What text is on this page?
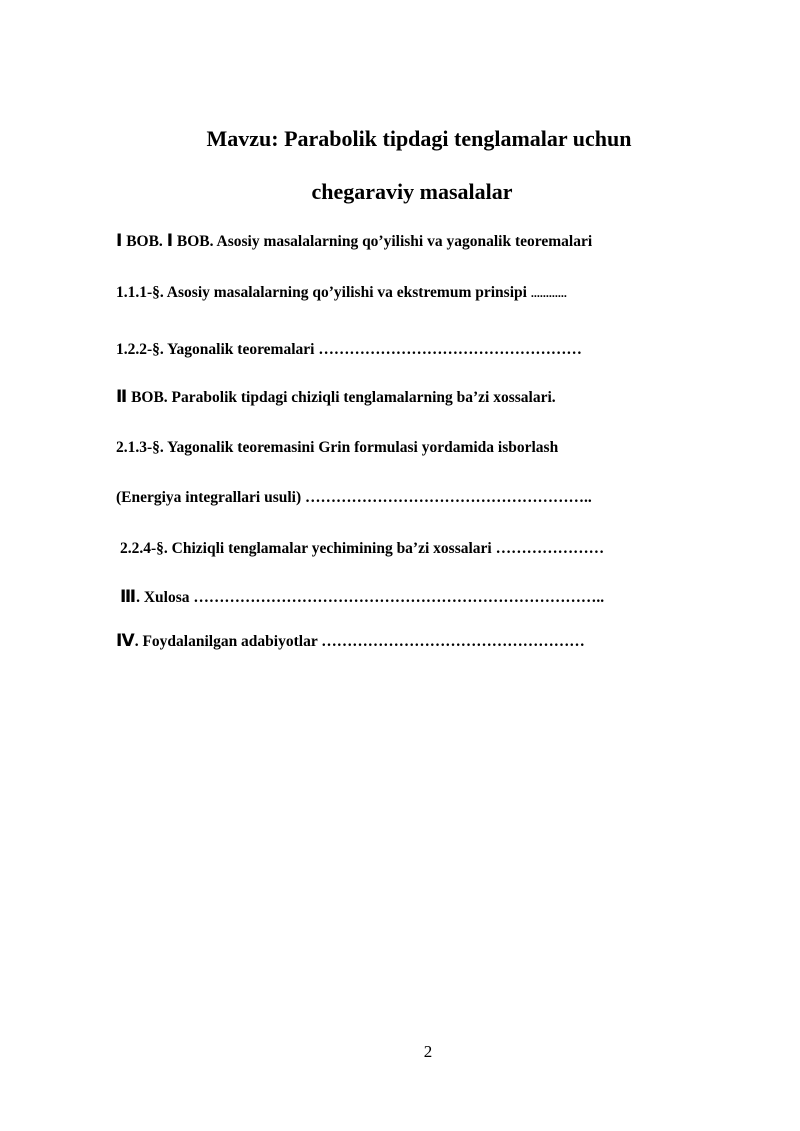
Mavzu: Parabolik tipdagi tenglamalar uchun
chegaraviy masalalar
Ⅰ BOB. Ⅰ BOB. Asosiy masalalarning qo’yilishi va yagonalik teoremalari
1.1.1‑§. Asosiy masalalarning qo’yilishi va ekstremum prinsipi ............
1.2.2‑§. Yagonalik teoremalari ……………………………………………
Ⅱ BOB. Parabolik tipdagi chiziqli tenglamalarning ba’zi xossalari.
2.1.3‑§. Yagonalik teoremasini Grin formulasi yordamida isborlash
(Energiya integrallari usuli) ………………………………………………..
2.2.4‑§. Chiziqli tenglamalar yechimining ba’zi xossalari …………………
Ⅲ. Xulosa ……………………………………………………………………..
Ⅳ. Foydalanilgan adabiyotlar ……………………………………………
2
